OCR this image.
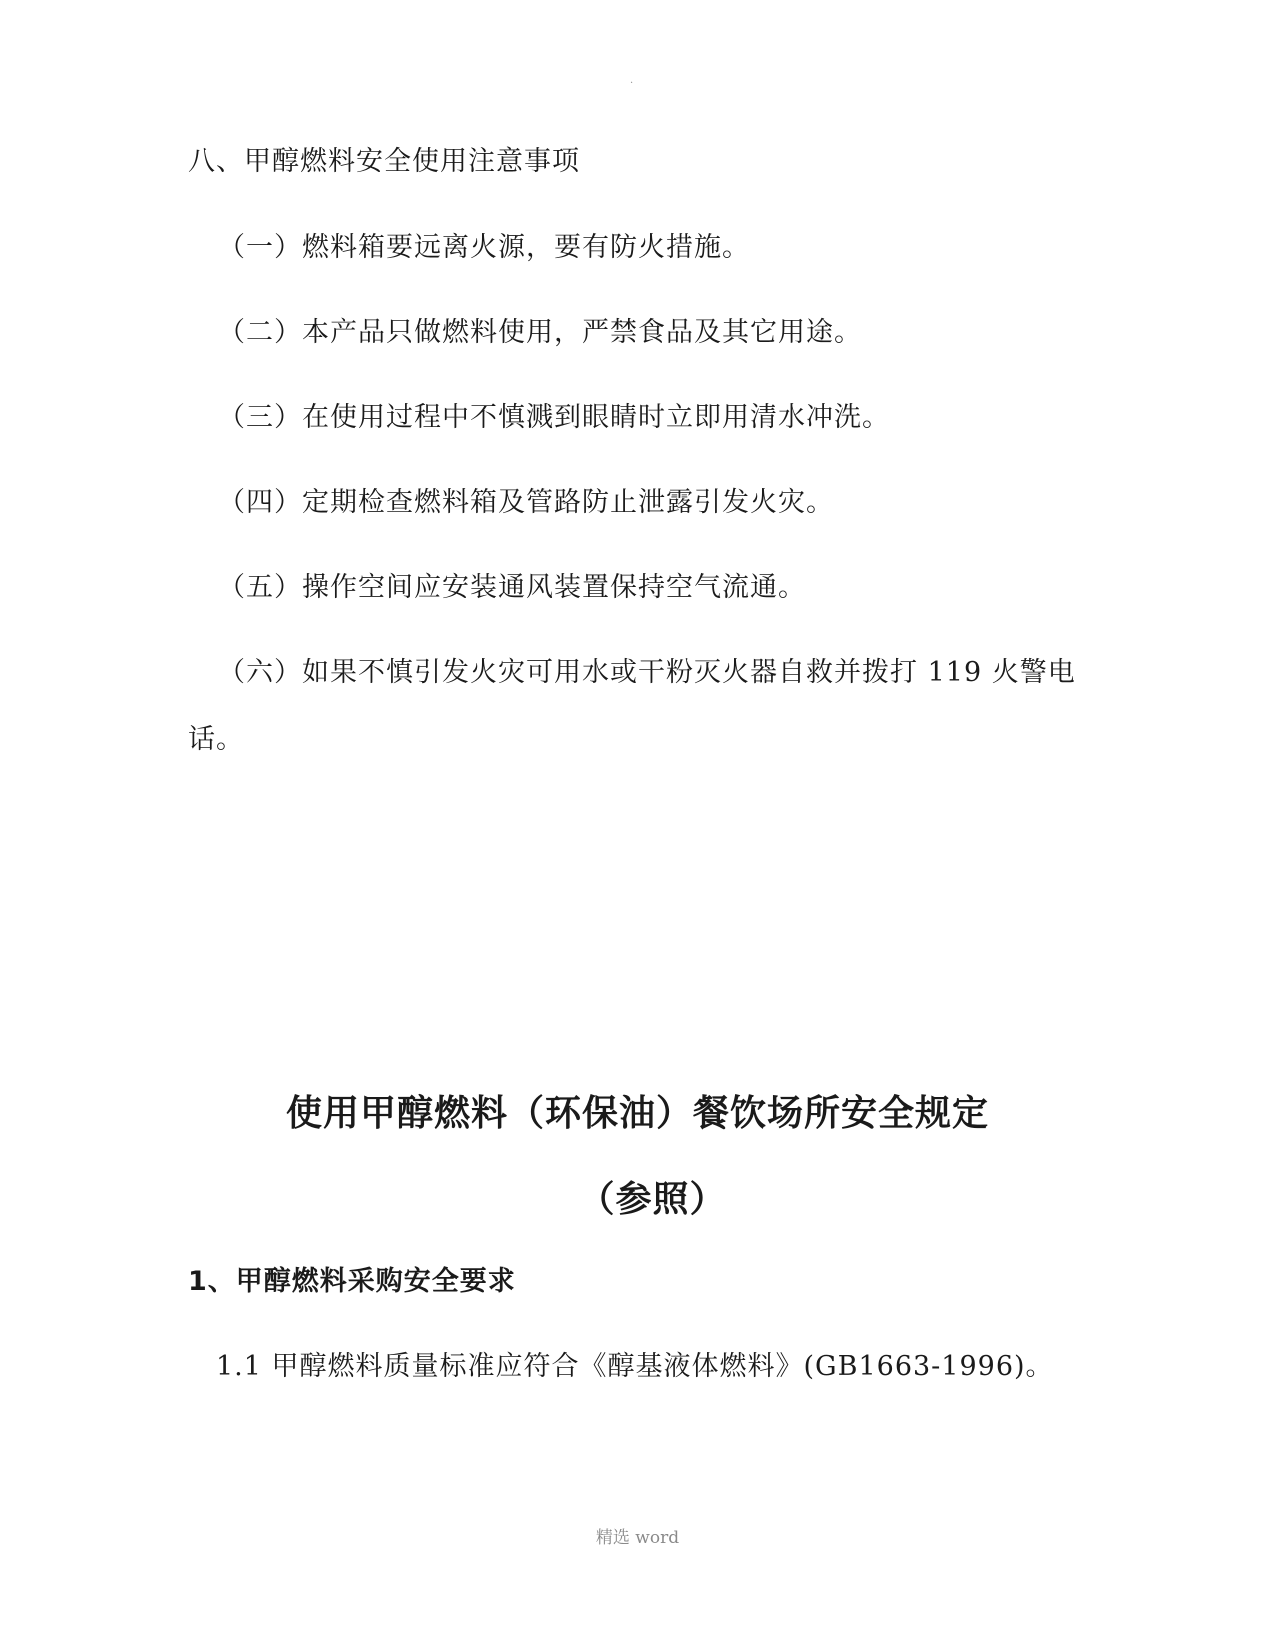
·
八、甲醇燃料安全使用注意事项
（一）燃料箱要远离火源，要有防火措施。
（二）本产品只做燃料使用，严禁食品及其它用途。
（三）在使用过程中不慎溅到眼睛时立即用清水冲洗。
（四）定期检查燃料箱及管路防止泄露引发火灾。
（五）操作空间应安装通风装置保持空气流通。
（六）如果不慎引发火灾可用水或干粉灭火器自救并拨打 119 火警电
话。
使用甲醇燃料（环保油）餐饮场所安全规定
（参照）
1、甲醇燃料采购安全要求
1.1 甲醇燃料质量标准应符合《醇基液体燃料》(GB1663-1996)。
精选 word
